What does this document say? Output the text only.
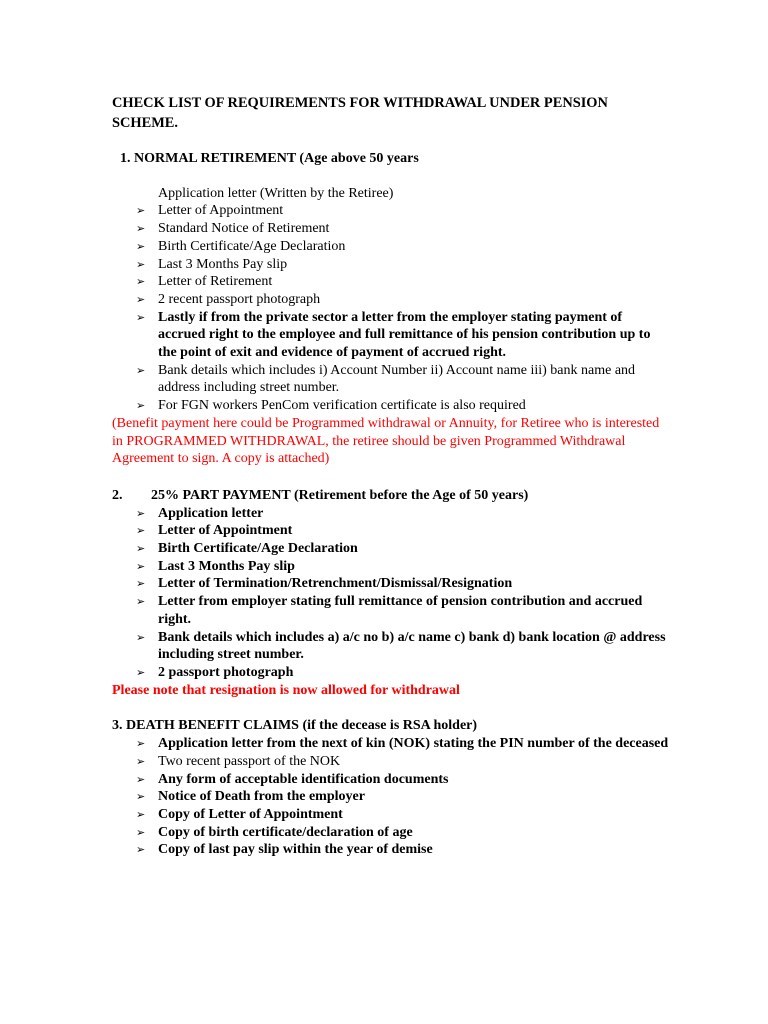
CHECK LIST OF REQUIREMENTS FOR WITHDRAWAL UNDER PENSION SCHEME.

1. NORMAL RETIREMENT (Age above 50 years

Application letter (Written by the Retiree)

➢ Letter of Appointment
➢ Standard Notice of Retirement
➢ Birth Certificate/Age Declaration
➢ Last 3 Months Pay slip
➢ Letter of Retirement
➢ 2 recent passport photograph
➢ Lastly if from the private sector a letter from the employer stating payment of accrued right to the employee and full remittance of his pension contribution up to the point of exit and evidence of payment of accrued right.
➢ Bank details which includes i) Account Number ii) Account name iii) bank name and address including street number.
➢ For FGN workers PenCom verification certificate is also required

(Benefit payment here could be Programmed withdrawal or Annuity, for Retiree who is interested in PROGRAMMED WITHDRAWAL, the retiree should be given Programmed Withdrawal Agreement to sign. A copy is attached)

2. 25% PART PAYMENT (Retirement before the Age of 50 years)

➢ Application letter
➢ Letter of Appointment
➢ Birth Certificate/Age Declaration
➢ Last 3 Months Pay slip
➢ Letter of Termination/Retrenchment/Dismissal/Resignation
➢ Letter from employer stating full remittance of pension contribution and accrued right.
➢ Bank details which includes a) a/c no b) a/c name c) bank d) bank location @ address including street number.
➢ 2 passport photograph

Please note that resignation is now allowed for withdrawal

3. DEATH BENEFIT CLAIMS (if the decease is RSA holder)

➢ Application letter from the next of kin (NOK) stating the PIN number of the deceased
➢ Two recent passport of the NOK
➢ Any form of acceptable identification documents
➢ Notice of Death from the employer
➢ Copy of Letter of Appointment
➢ Copy of birth certificate/declaration of age
➢ Copy of last pay slip within the year of demise
